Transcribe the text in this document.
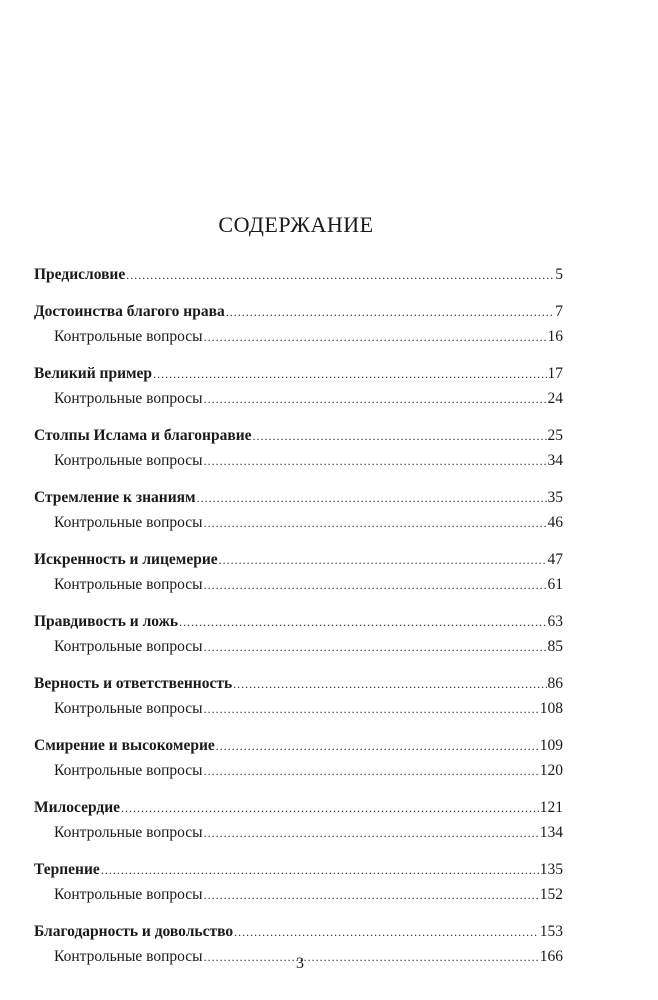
СОДЕРЖАНИЕ
Предисловие .....	5
Достоинства благого нрава .....	7
Контрольные вопросы .....	16
Великий пример .....	17
Контрольные вопросы .....	24
Столпы Ислама и благонравие .....	25
Контрольные вопросы .....	34
Стремление к знаниям .....	35
Контрольные вопросы .....	46
Искренность и лицемерие .....	47
Контрольные вопросы .....	61
Правдивость и ложь .....	63
Контрольные вопросы .....	85
Верность и ответственность .....	86
Контрольные вопросы .....	108
Смирение и высокомерие .....	109
Контрольные вопросы .....	120
Милосердие .....	121
Контрольные вопросы .....	134
Терпение .....	135
Контрольные вопросы .....	152
Благодарность и довольство .....	153
Контрольные вопросы .....	166
3
